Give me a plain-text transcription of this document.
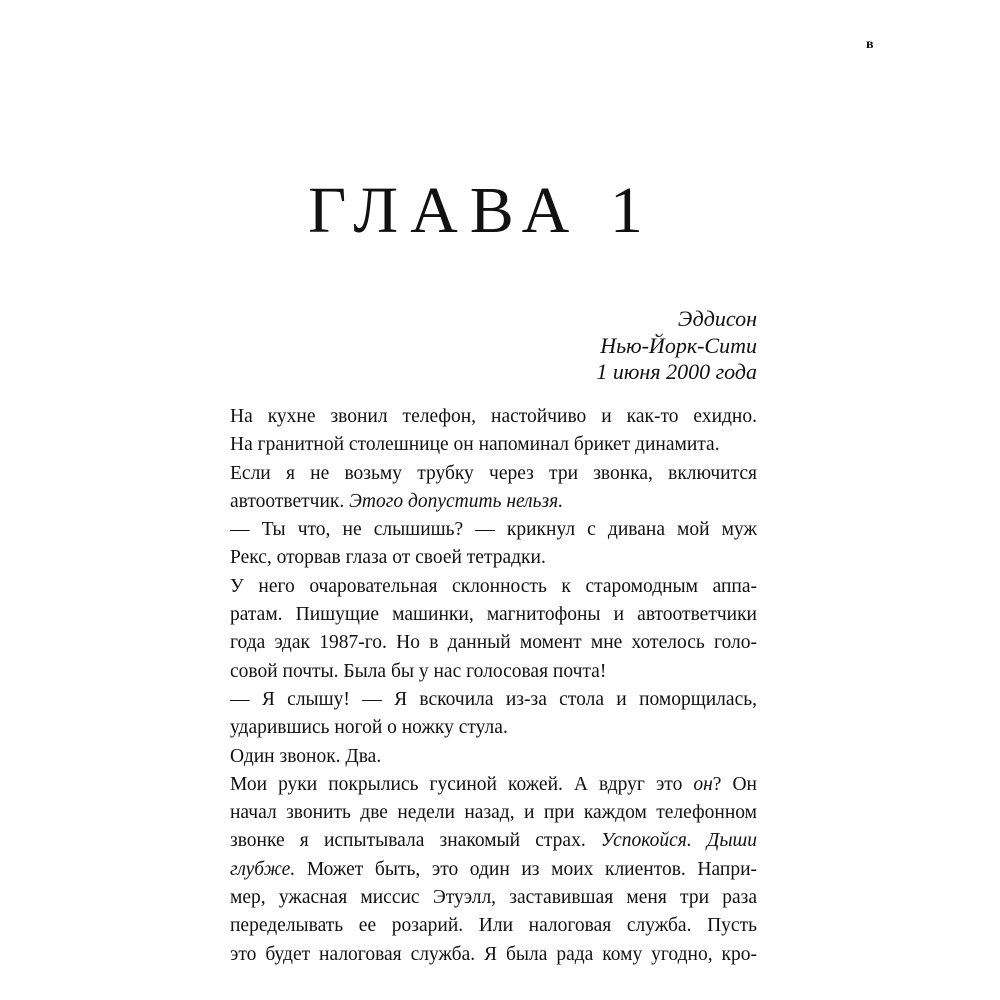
в
ГЛАВА 1
Эддисон
Нью-Йорк-Сити
1 июня 2000 года
На кухне звонил телефон, настойчиво и как-то ехидно.
На гранитной столешнице он напоминал брикет динамита.
Если я не возьму трубку через три звонка, включится
автоответчик. Этого допустить нельзя.
— Ты что, не слышишь? — крикнул с дивана мой муж
Рекс, оторвав глаза от своей тетрадки.
У него очаровательная склонность к старомодным аппа-
ратам. Пишущие машинки, магнитофоны и автоответчики
года эдак 1987-го. Но в данный момент мне хотелось голо-
совой почты. Была бы у нас голосовая почта!
— Я слышу! — Я вскочила из-за стола и поморщилась,
ударившись ногой о ножку стула.
Один звонок. Два.
Мои руки покрылись гусиной кожей. А вдруг это он? Он
начал звонить две недели назад, и при каждом телефонном
звонке я испытывала знакомый страх. Успокойся. Дыши
глубже. Может быть, это один из моих клиентов. Напри-
мер, ужасная миссис Этуэлл, заставившая меня три раза
переделывать ее розарий. Или налоговая служба. Пусть
это будет налоговая служба. Я была рада кому угодно, кро-
